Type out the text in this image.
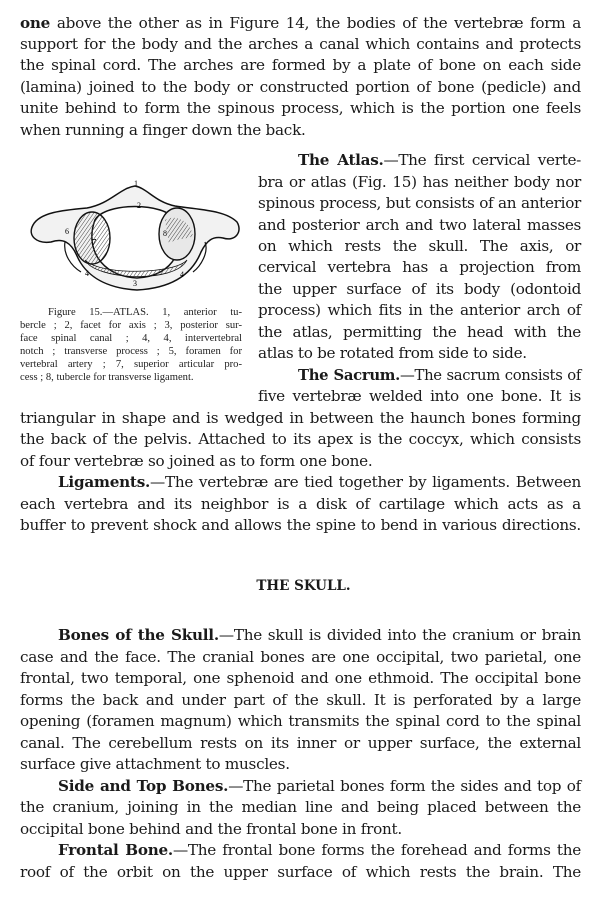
one above the other as in Figure 14, the bodies of the vertebræ form a
support for the body and the arches a canal which contains and protects
the spinal cord. The arches are formed by a plate of bone on each side
(lamina) joined to the body or constructed portion of bone (pedicle) and
unite behind to form the spinous process, which is the portion one feels
when running a finger down the back.
1
2
3
4	4
6
7
8
Figure 15.—ATLAS. 1, anterior tu-
bercle ; 2, facet for axis ; 3, posterior sur-
face spinal canal ; 4, 4, intervertebral
notch ; transverse process ; 5, foramen for
vertebral artery ; 7, superior articular pro-
cess ; 8, tubercle for transverse ligament.
The Atlas.—The first cervical verte-
bra or atlas (Fig. 15) has neither body nor
spinous process, but consists of an anterior
and posterior arch and two lateral masses
on which rests the skull. The axis, or
cervical vertebra has a projection from
the upper surface of its body (odontoid
process) which fits in the anterior arch of
the atlas, permitting the head with the
atlas to be rotated from side to side.
The Sacrum.—The sacrum consists of
five vertebræ welded into one bone. It is
triangular in shape and is wedged in between the haunch bones forming
the back of the pelvis. Attached to its apex is the coccyx, which consists
of four vertebræ so joined as to form one bone.
Ligaments.—The vertebræ are tied together by ligaments. Between
each vertebra and its neighbor is a disk of cartilage which acts as a
buffer to prevent shock and allows the spine to bend in various directions.
THE SKULL.
Bones of the Skull.—The skull is divided into the cranium or brain
case and the face. The cranial bones are one occipital, two parietal, one
frontal, two temporal, one sphenoid and one ethmoid. The occipital bone
forms the back and under part of the skull. It is perforated by a large
opening (foramen magnum) which transmits the spinal cord to the spinal
canal. The cerebellum rests on its inner or upper surface, the external
surface give attachment to muscles.
Side and Top Bones.—The parietal bones form the sides and top of
the cranium, joining in the median line and being placed between the
occipital bone behind and the frontal bone in front.
Frontal Bone.—The frontal bone forms the forehead and forms the
roof of the orbit on the upper surface of which rests the brain. The
